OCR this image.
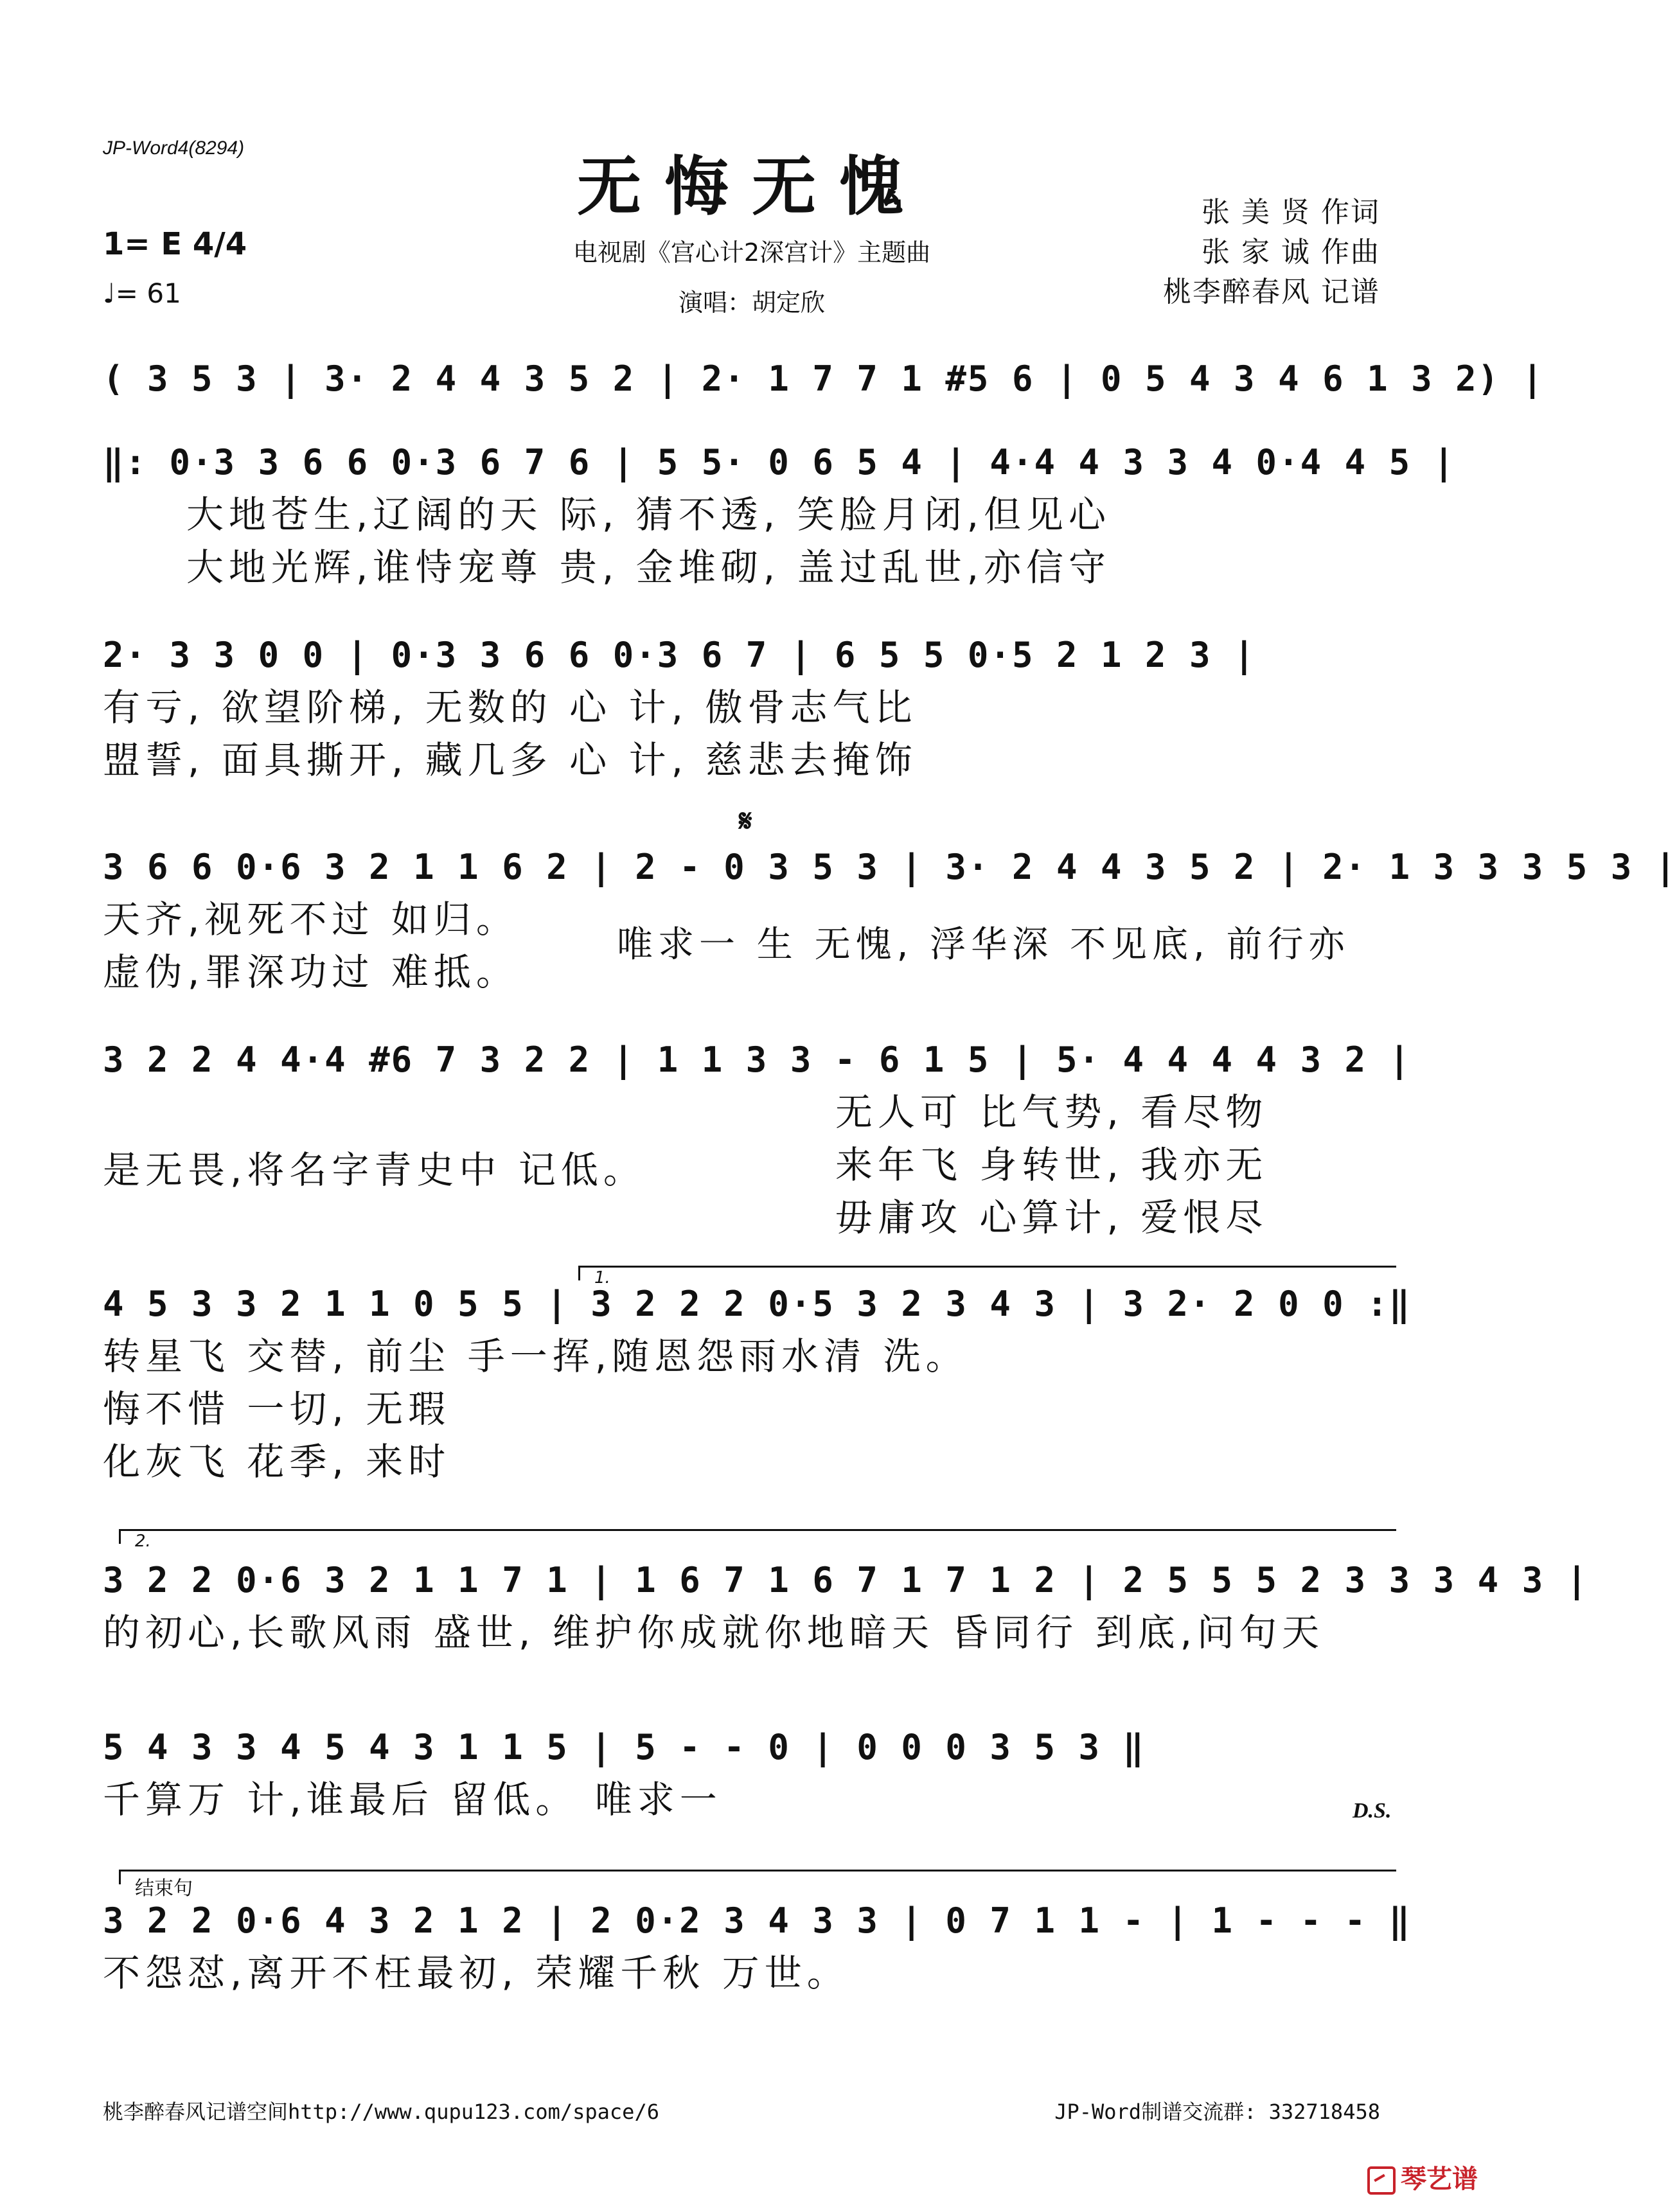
JP-Word4(8294)
无悔无愧
电视剧《宫心计2深宫计》主题曲
演唱：胡定欣
张 美 贤 作词
张 家 诚 作曲
桃李醉春风 记谱
1= E 4/4
♩= 61
( 3 5 3 | 3· 2 4 4 3 5 2 | 2· 1 7 7 1 #5 6 | 0 5 4 3 4 6 1 3 2) |
‖: 0·3 3 6 6 0·3 6 7 6 | 5 5· 0 6 5 4 | 4·4 4 3 3 4 0·4 4 5 |
大地苍生,辽阔的天 际, 猜不透, 笑脸月闭,但见心
大地光辉,谁恃宠尊 贵, 金堆砌, 盖过乱世,亦信守
2· 3 3 0 0 | 0·3 3 6 6 0·3 6 7 | 6 5 5 0·5 2 1 2 3 |
有亏, 欲望阶梯, 无数的 心 计, 傲骨志气比
盟誓, 面具撕开, 藏几多 心 计, 慈悲去掩饰
𝄋
3 6 6 0·6 3 2 1 1 6 2 | 2 - 0 3 5 3 | 3· 2 4 4 3 5 2 | 2· 1 3 3 3 5 3 |
天齐,视死不过 如归。
虚伪,罪深功过 难抵。
唯求一 生 无愧, 浮华深 不见底, 前行亦
3 2 2 4 4·4 #6 7 3 2 2 | 1 1 3 3 - 6 1 5 | 5· 4 4 4 4 3 2 |
是无畏,将名字青史中 记低。
无人可 比气势, 看尽物
来年飞 身转世, 我亦无
毋庸攻 心算计, 爱恨尽
1.
4 5 3 3 2 1 1 0 5 5 | 3 2 2 2 0·5 3 2 3 4 3 | 3 2· 2 0 0 :‖
转星飞 交替, 前尘 手一挥,随恩怨雨水清 洗。
悔不惜 一切, 无瑕
化灰飞 花季, 来时
2.
3 2 2 0·6 3 2 1 1 7 1 | 1 6 7 1 6 7 1 7 1 2 | 2 5 5 5 2 3 3 3 4 3 |
的初心,长歌风雨 盛世, 维护你成就你地暗天 昏同行 到底,问句天
5 4 3 3 4 5 4 3 1 1 5 | 5 - - 0 | 0 0 0 3 5 3 ‖
千算万 计,谁最后 留低。 唯求一	D.S.
结束句
3 2 2 0·6 4 3 2 1 2 | 2 0·2 3 4 3 3 | 0 7 1 1 - | 1 - - - ‖
不怨怼,离开不枉最初, 荣耀千秋 万世。
桃李醉春风记谱空间http://www.qupu123.com/space/6	JP-Word制谱交流群: 332718458
琴艺谱
